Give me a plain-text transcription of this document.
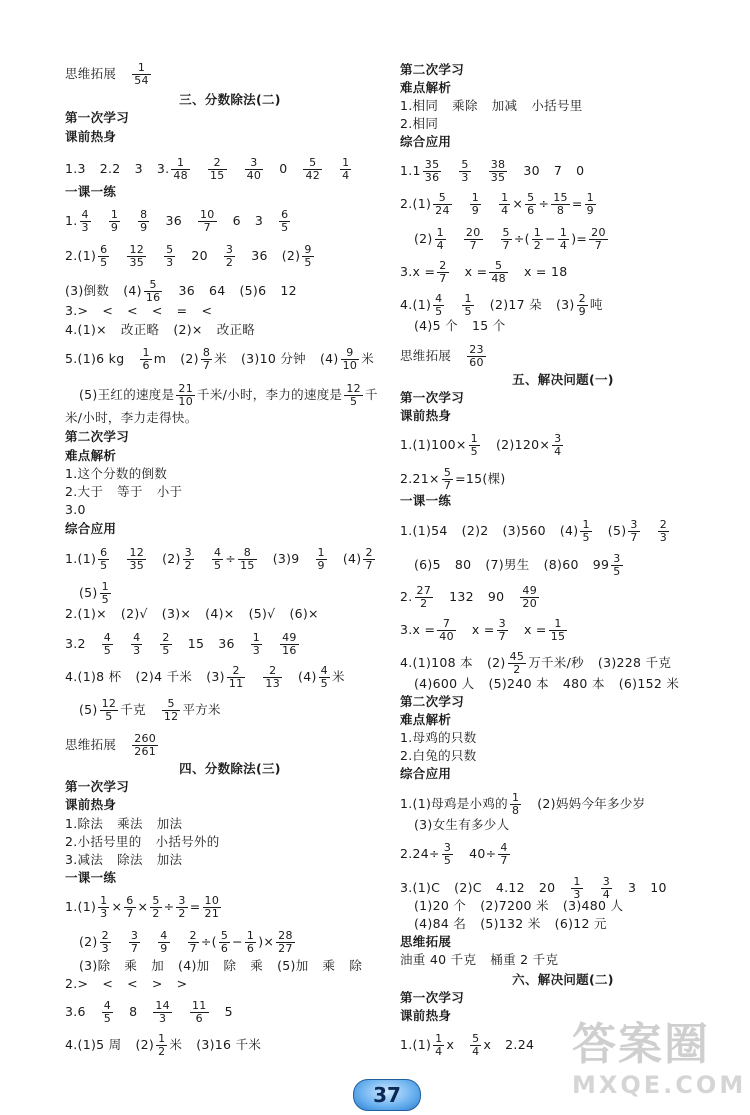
思维拓展 $\frac{1}{54}$
三、分数除法(二)
第一次学习
课前热身
1.3 2.2 3 3. $\frac{1}{48} \frac{2}{15} \frac{3}{40} 0 \frac{5}{42} \frac{1}{4}$
一课一练
1. $\frac{4}{3} \frac{1}{9} \frac{8}{9} 36 \frac{10}{7} 6$ $3 \frac{6}{5}$
$2.(1) \frac{6}{5} \frac{12}{35} \frac{5}{3} 20 \frac{3}{2} 36$ $(2) \frac{9}{5}$
(3)倒数 $(4) \frac{5}{16} 36$ 64 (5)6 12
3.> < < < = <
4.(1)× 改正略 (2)× 改正略
5.(1)6 kg $\frac{1}{6}$ m $(2) \frac{8}{7}$ 米 (3)10 分钟 $(4) \frac{9}{10}$ 米
(5)王红的速度是 $\frac{21}{10}$ 千米/小时，李力的速度是 $\frac{12}{5}$ 千
米/小时，李力走得快。
第二次学习
难点解析
1.这个分数的倒数
2.大于 等于 小于
3.0
综合应用
$1.(1) \frac{6}{5} \frac{12}{35} (2) \frac{3}{2} \frac{4}{5} \div \frac{8}{15} (3)9 \frac{1}{9} (4) \frac{2}{7}$
$(5) \frac{1}{5}$
2.(1)× (2)√ (3)× (4)× (5)√ (6)×
$3.2 \frac{4}{5} \frac{4}{3} \frac{2}{5} 15$ $36 \frac{1}{3} \frac{49}{16}$
4.(1)8 杯 (2)4 千米 $(3) \frac{2}{11} \frac{2}{13} (4) \frac{4}{5}$ 米
$(5) \frac{12}{5}$ 千克 $\frac{5}{12}$ 平方米
思维拓展 $\frac{260}{261}$
四、分数除法(三)
第一次学习
课前热身
1.除法 乘法 加法
2.小括号里的 小括号外的
3.减法 除法 加法
一课一练
$1.(1) \frac{1}{3} \times \frac{6}{7} \times \frac{5}{2} \div \frac{3}{2} = \frac{10}{21}$
$(2) \frac{2}{3} \frac{3}{7} \frac{4}{9} \frac{2}{7}$ ÷( $\frac{5}{6} - \frac{1}{6}$ )× $\frac{28}{27}$
(3)除 乘 加 (4)加 除 乘 (5)加 乘 除
2.> < < > >
$3.6 \frac{4}{5} 8 \frac{14}{3} \frac{11}{6} 5$
4.(1)5 周 $(2) \frac{1}{2}$ 米 (3)16 千米
第二次学习
难点解析
1.相同 乘除 加减 小括号里
2.相同
综合应用
$1.1 \frac{35}{36} \frac{5}{3} \frac{38}{35} 30$ 7 0
$2.(1) \frac{5}{24} \frac{1}{9} \frac{1}{4} \times \frac{5}{6} \div \frac{15}{8} = \frac{1}{9}$
$(2) \frac{1}{4} \frac{20}{7} \frac{5}{7}$ ÷( $\frac{1}{2} - \frac{1}{4}$ )= $\frac{20}{7}$
$3.x = \frac{2}{7}$ $x = \frac{5}{48}$ x = 18
$4.(1) \frac{4}{5} \frac{1}{5} (2)17$ 朵 $(3) \frac{2}{9}$ 吨
(4)5 个 15 个
思维拓展 $\frac{23}{60}$
五、解决问题(一)
第一次学习
课前热身
$1.(1)100\times \frac{1}{5} (2)120\times \frac{3}{4}$
$2.21\times \frac{5}{7} =15$(棵)
一课一练
1.(1)54 (2)2 (3)560 $(4) \frac{1}{5} (5) \frac{3}{7} \frac{2}{3}$
(6)5 80 (7)男生 (8)60 $99 \frac{3}{5}$
2. $\frac{27}{2} 132$ $90 \frac{49}{20}$
$3.x = \frac{7}{40}$ $x = \frac{3}{7}$ $x = \frac{1}{15}$
4.(1)108 本 $(2) \frac{45}{2}$ 万千米/秒 (3)228 千克
(4)600 人 (5)240 本 480 本 (6)152 米
第二次学习
难点解析
1.母鸡的只数
2.白兔的只数
综合应用
1.(1)母鸡是小鸡的 $\frac{1}{8} (2)$妈妈今年多少岁
(3)女生有多少人
$2.24\div \frac{3}{5} 40\div \frac{4}{7}$
3.(1)C (2)C 4.12 $20 \frac{1}{3} \frac{3}{4} 3$ 10
(1)20 个 (2)7200 米 (3)480 人
(4)84 名 (5)132 米 (6)12 元
思维拓展
油重 40 千克 桶重 2 千克
六、解决问题(二)
第一次学习
课前热身
$1.(1) \frac{1}{4}$ x $\frac{5}{4}$ x 2.24 答案圈
MXQE.COM
37
